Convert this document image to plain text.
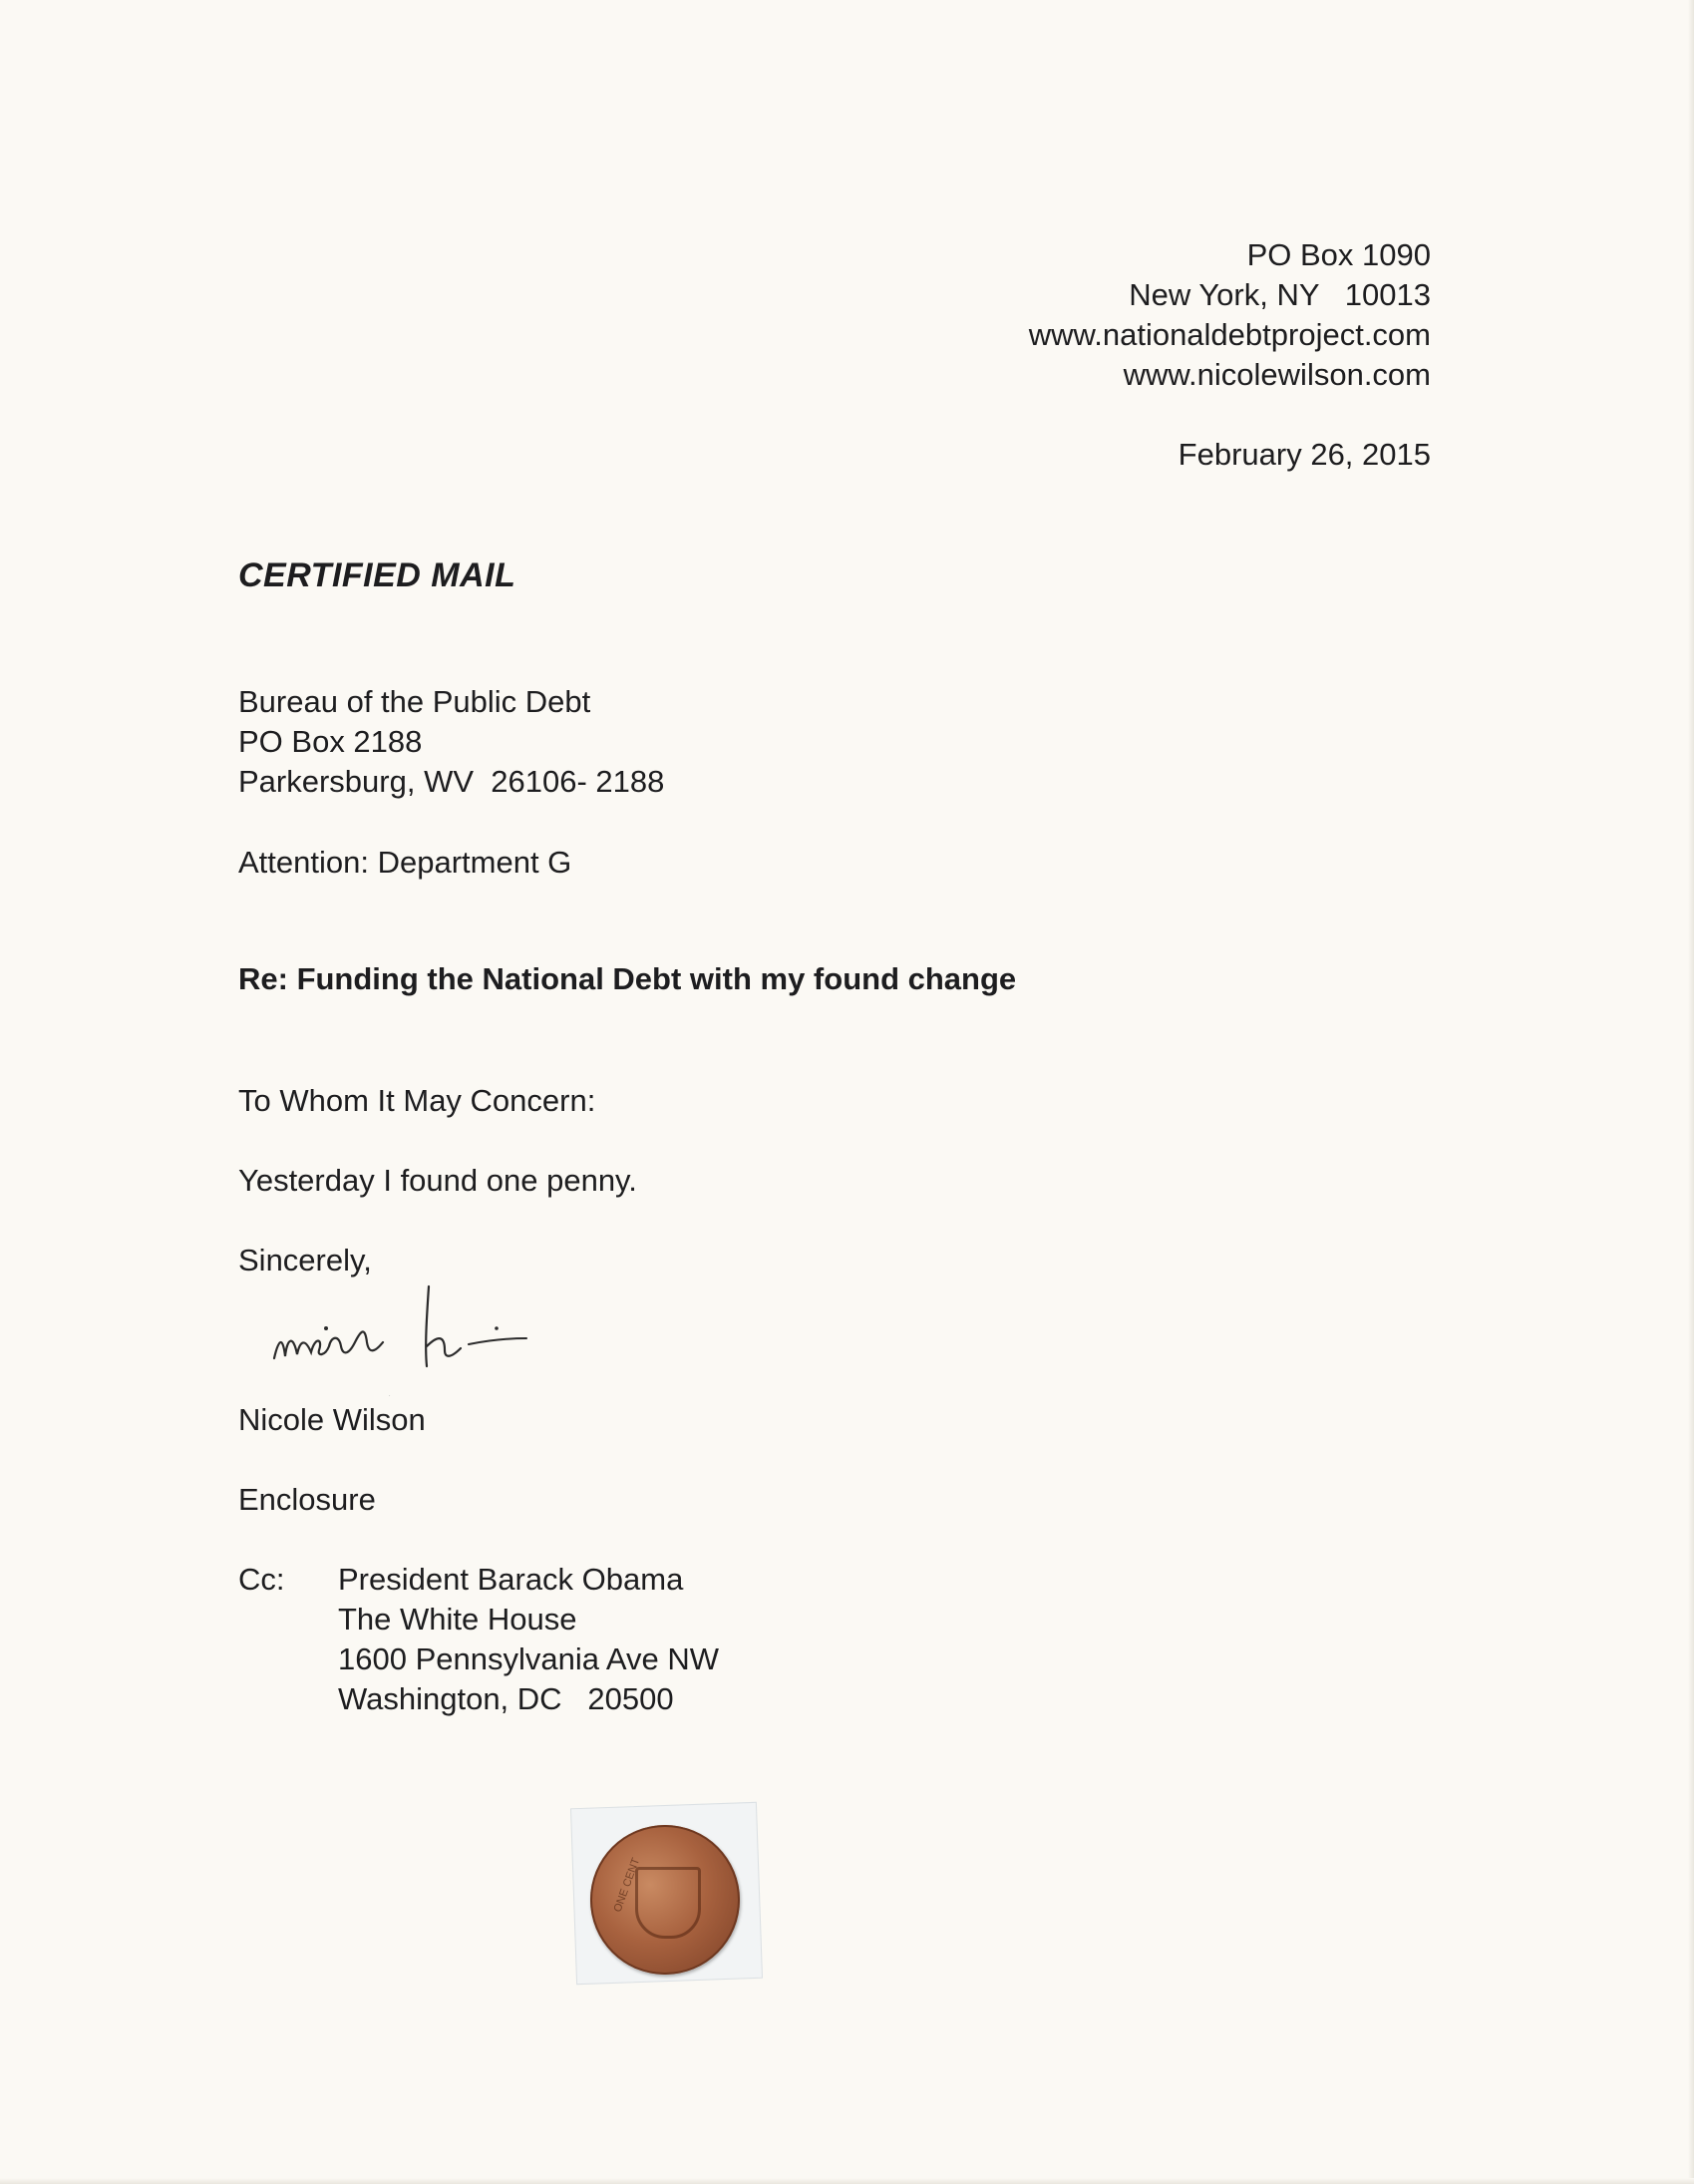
PO Box 1090

New York, NY   10013

www.nationaldebtproject.com

www.nicolewilson.com

February 26, 2015
CERTIFIED MAIL

Bureau of the Public Debt

PO Box 2188

Parkersburg, WV  26106- 2188

Attention: Department G

Re: Funding the National Debt with my found change

To Whom It May Concern:

Yesterday I found one penny.

Sincerely,

Nicole Wilson

Enclosure

Cc: President Barack Obama

The White House

1600 Pennsylvania Ave NW

Washington, DC   20500

ONE CENT
